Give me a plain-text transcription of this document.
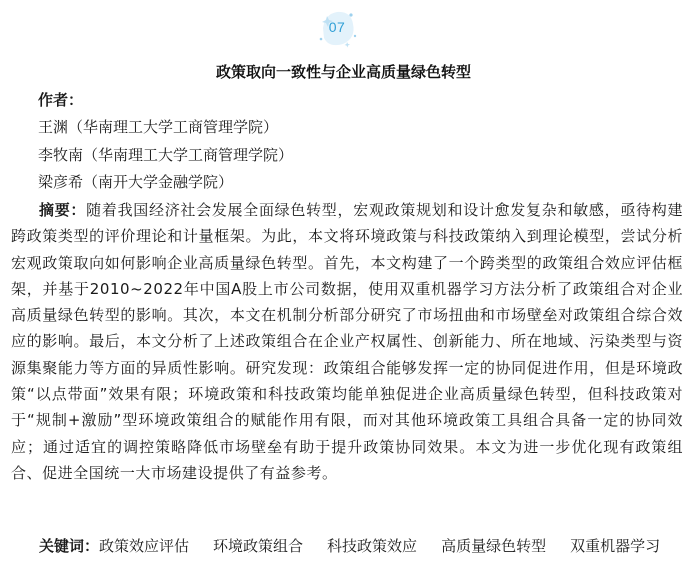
07
政策取向一致性与企业高质量绿色转型
作者：
王渊（华南理工大学工商管理学院）
李牧南（华南理工大学工商管理学院）
梁彦希（南开大学金融学院）

摘要：随着我国经济社会发展全面绿色转型，宏观政策规划和设计愈发复杂和敏感，亟待构建跨政策类型的评价理论和计量框架。为此，本文将环境政策与科技政策纳入到理论模型，尝试分析宏观政策取向如何影响企业高质量绿色转型。首先，本文构建了一个跨类型的政策组合效应评估框架，并基于2010~2022年中国A股上市公司数据，使用双重机器学习方法分析了政策组合对企业高质量绿色转型的影响。其次，本文在机制分析部分研究了市场扭曲和市场壁垒对政策组合综合效应的影响。最后，本文分析了上述政策组合在企业产权属性、创新能力、所在地域、污染类型与资源集聚能力等方面的异质性影响。研究发现：政策组合能够发挥一定的协同促进作用，但是环境政策“以点带面”效果有限；环境政策和科技政策均能单独促进企业高质量绿色转型，但科技政策对于“规制+激励”型环境政策组合的赋能作用有限，而对其他环境政策工具组合具备一定的协同效应；通过适宜的调控策略降低市场壁垒有助于提升政策协同效果。本文为进一步优化现有政策组合、促进全国统一大市场建设提供了有益参考。

关键词：政策效应评估 环境政策组合 科技政策效应 高质量绿色转型 双重机器学习
